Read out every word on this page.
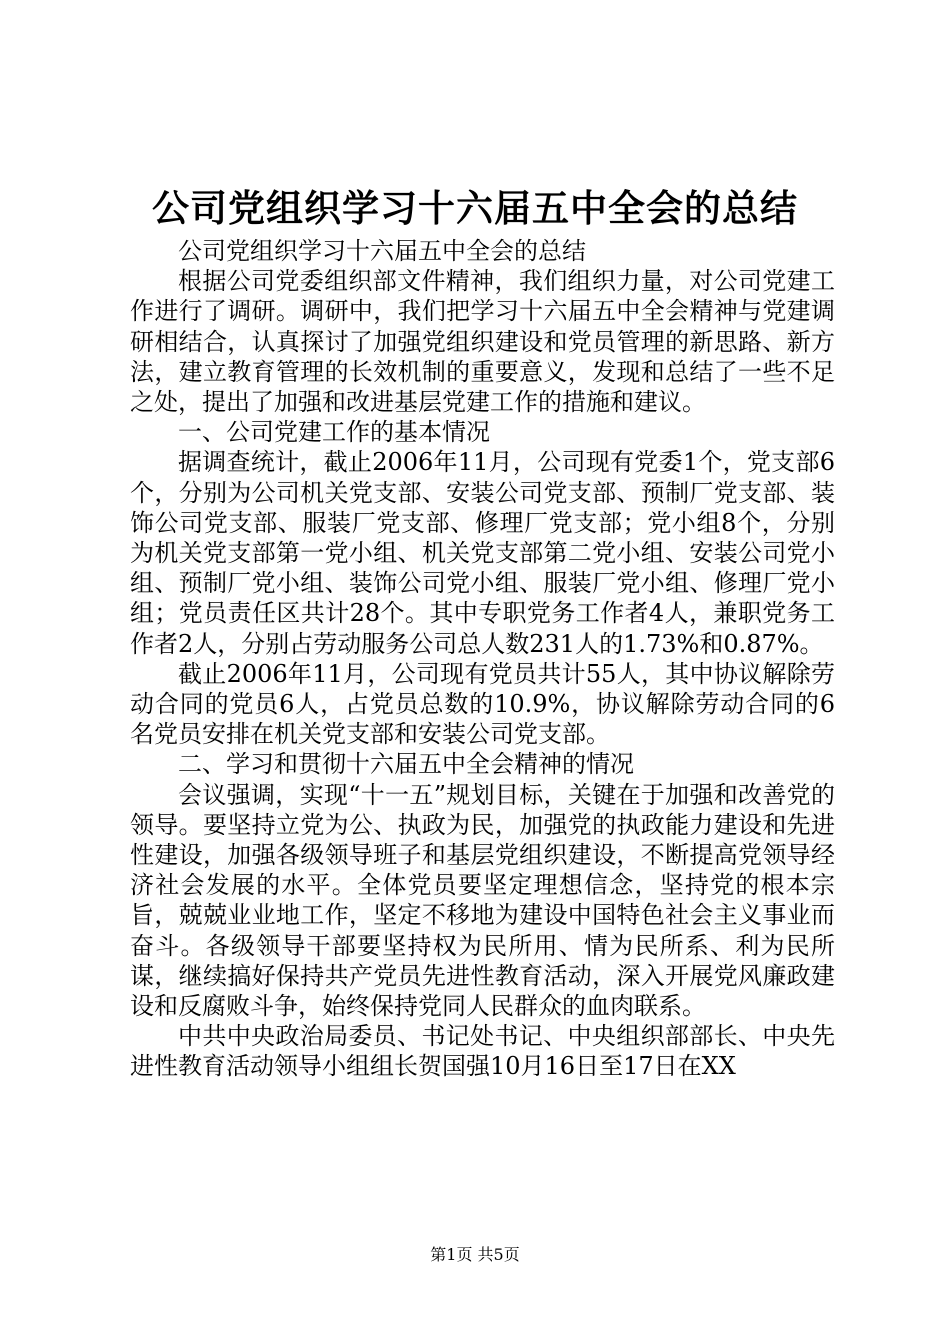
公司党组织学习十六届五中全会的总结

公司党组织学习十六届五中全会的总结

根据公司党委组织部文件精神，我们组织力量，对公司党建工作进行了调研。调研中，我们把学习十六届五中全会精神与党建调研相结合，认真探讨了加强党组织建设和党员管理的新思路、新方法，建立教育管理的长效机制的重要意义，发现和总结了一些不足之处，提出了加强和改进基层党建工作的措施和建议。

一、公司党建工作的基本情况

据调查统计，截止2006年11月，公司现有党委1个，党支部6个，分别为公司机关党支部、安装公司党支部、预制厂党支部、装饰公司党支部、服装厂党支部、修理厂党支部；党小组8个，分别为机关党支部第一党小组、机关党支部第二党小组、安装公司党小组、预制厂党小组、装饰公司党小组、服装厂党小组、修理厂党小组；党员责任区共计28个。其中专职党务工作者4人，兼职党务工作者2人，分别占劳动服务公司总人数231人的1.73%和0.87%。

截止2006年11月，公司现有党员共计55人，其中协议解除劳动合同的党员6人，占党员总数的10.9%，协议解除劳动合同的6名党员安排在机关党支部和安装公司党支部。

二、学习和贯彻十六届五中全会精神的情况

会议强调，实现“十一五”规划目标，关键在于加强和改善党的领导。要坚持立党为公、执政为民，加强党的执政能力建设和先进性建设，加强各级领导班子和基层党组织建设，不断提高党领导经济社会发展的水平。全体党员要坚定理想信念，坚持党的根本宗旨，兢兢业业地工作，坚定不移地为建设中国特色社会主义事业而奋斗。各级领导干部要坚持权为民所用、情为民所系、利为民所谋，继续搞好保持共产党员先进性教育活动，深入开展党风廉政建设和反腐败斗争，始终保持党同人民群众的血肉联系。

中共中央政治局委员、书记处书记、中央组织部部长、中央先进性教育活动领导小组组长贺国强10月16日至17日在XX

第1页 共5页
